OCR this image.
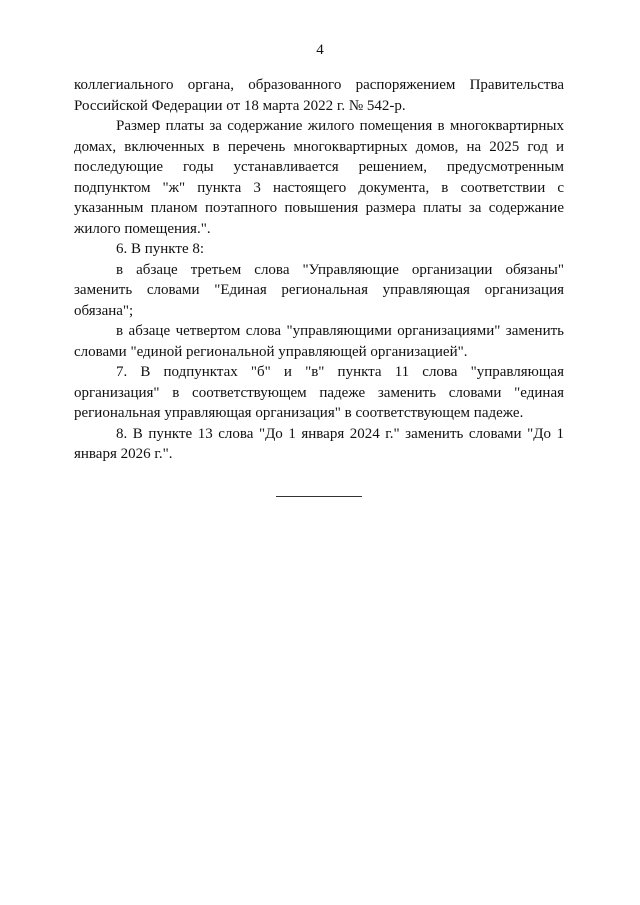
4

коллегиального органа, образованного распоряжением Правительства Российской Федерации от 18 марта 2022 г. № 542-р.

Размер платы за содержание жилого помещения в многоквартирных домах, включенных в перечень многоквартирных домов, на 2025 год и последующие годы устанавливается решением, предусмотренным подпунктом "ж" пункта 3 настоящего документа, в соответствии с указанным планом поэтапного повышения размера платы за содержание жилого помещения.".

6. В пункте 8:

в абзаце третьем слова "Управляющие организации обязаны" заменить словами "Единая региональная управляющая организация обязана";

в абзаце четвертом слова "управляющими организациями" заменить словами "единой региональной управляющей организацией".

7. В подпунктах "б" и "в" пункта 11 слова "управляющая организация" в соответствующем падеже заменить словами "единая региональная управляющая организация" в соответствующем падеже.

8. В пункте 13 слова "До 1 января 2024 г." заменить словами "До 1 января 2026 г.".
